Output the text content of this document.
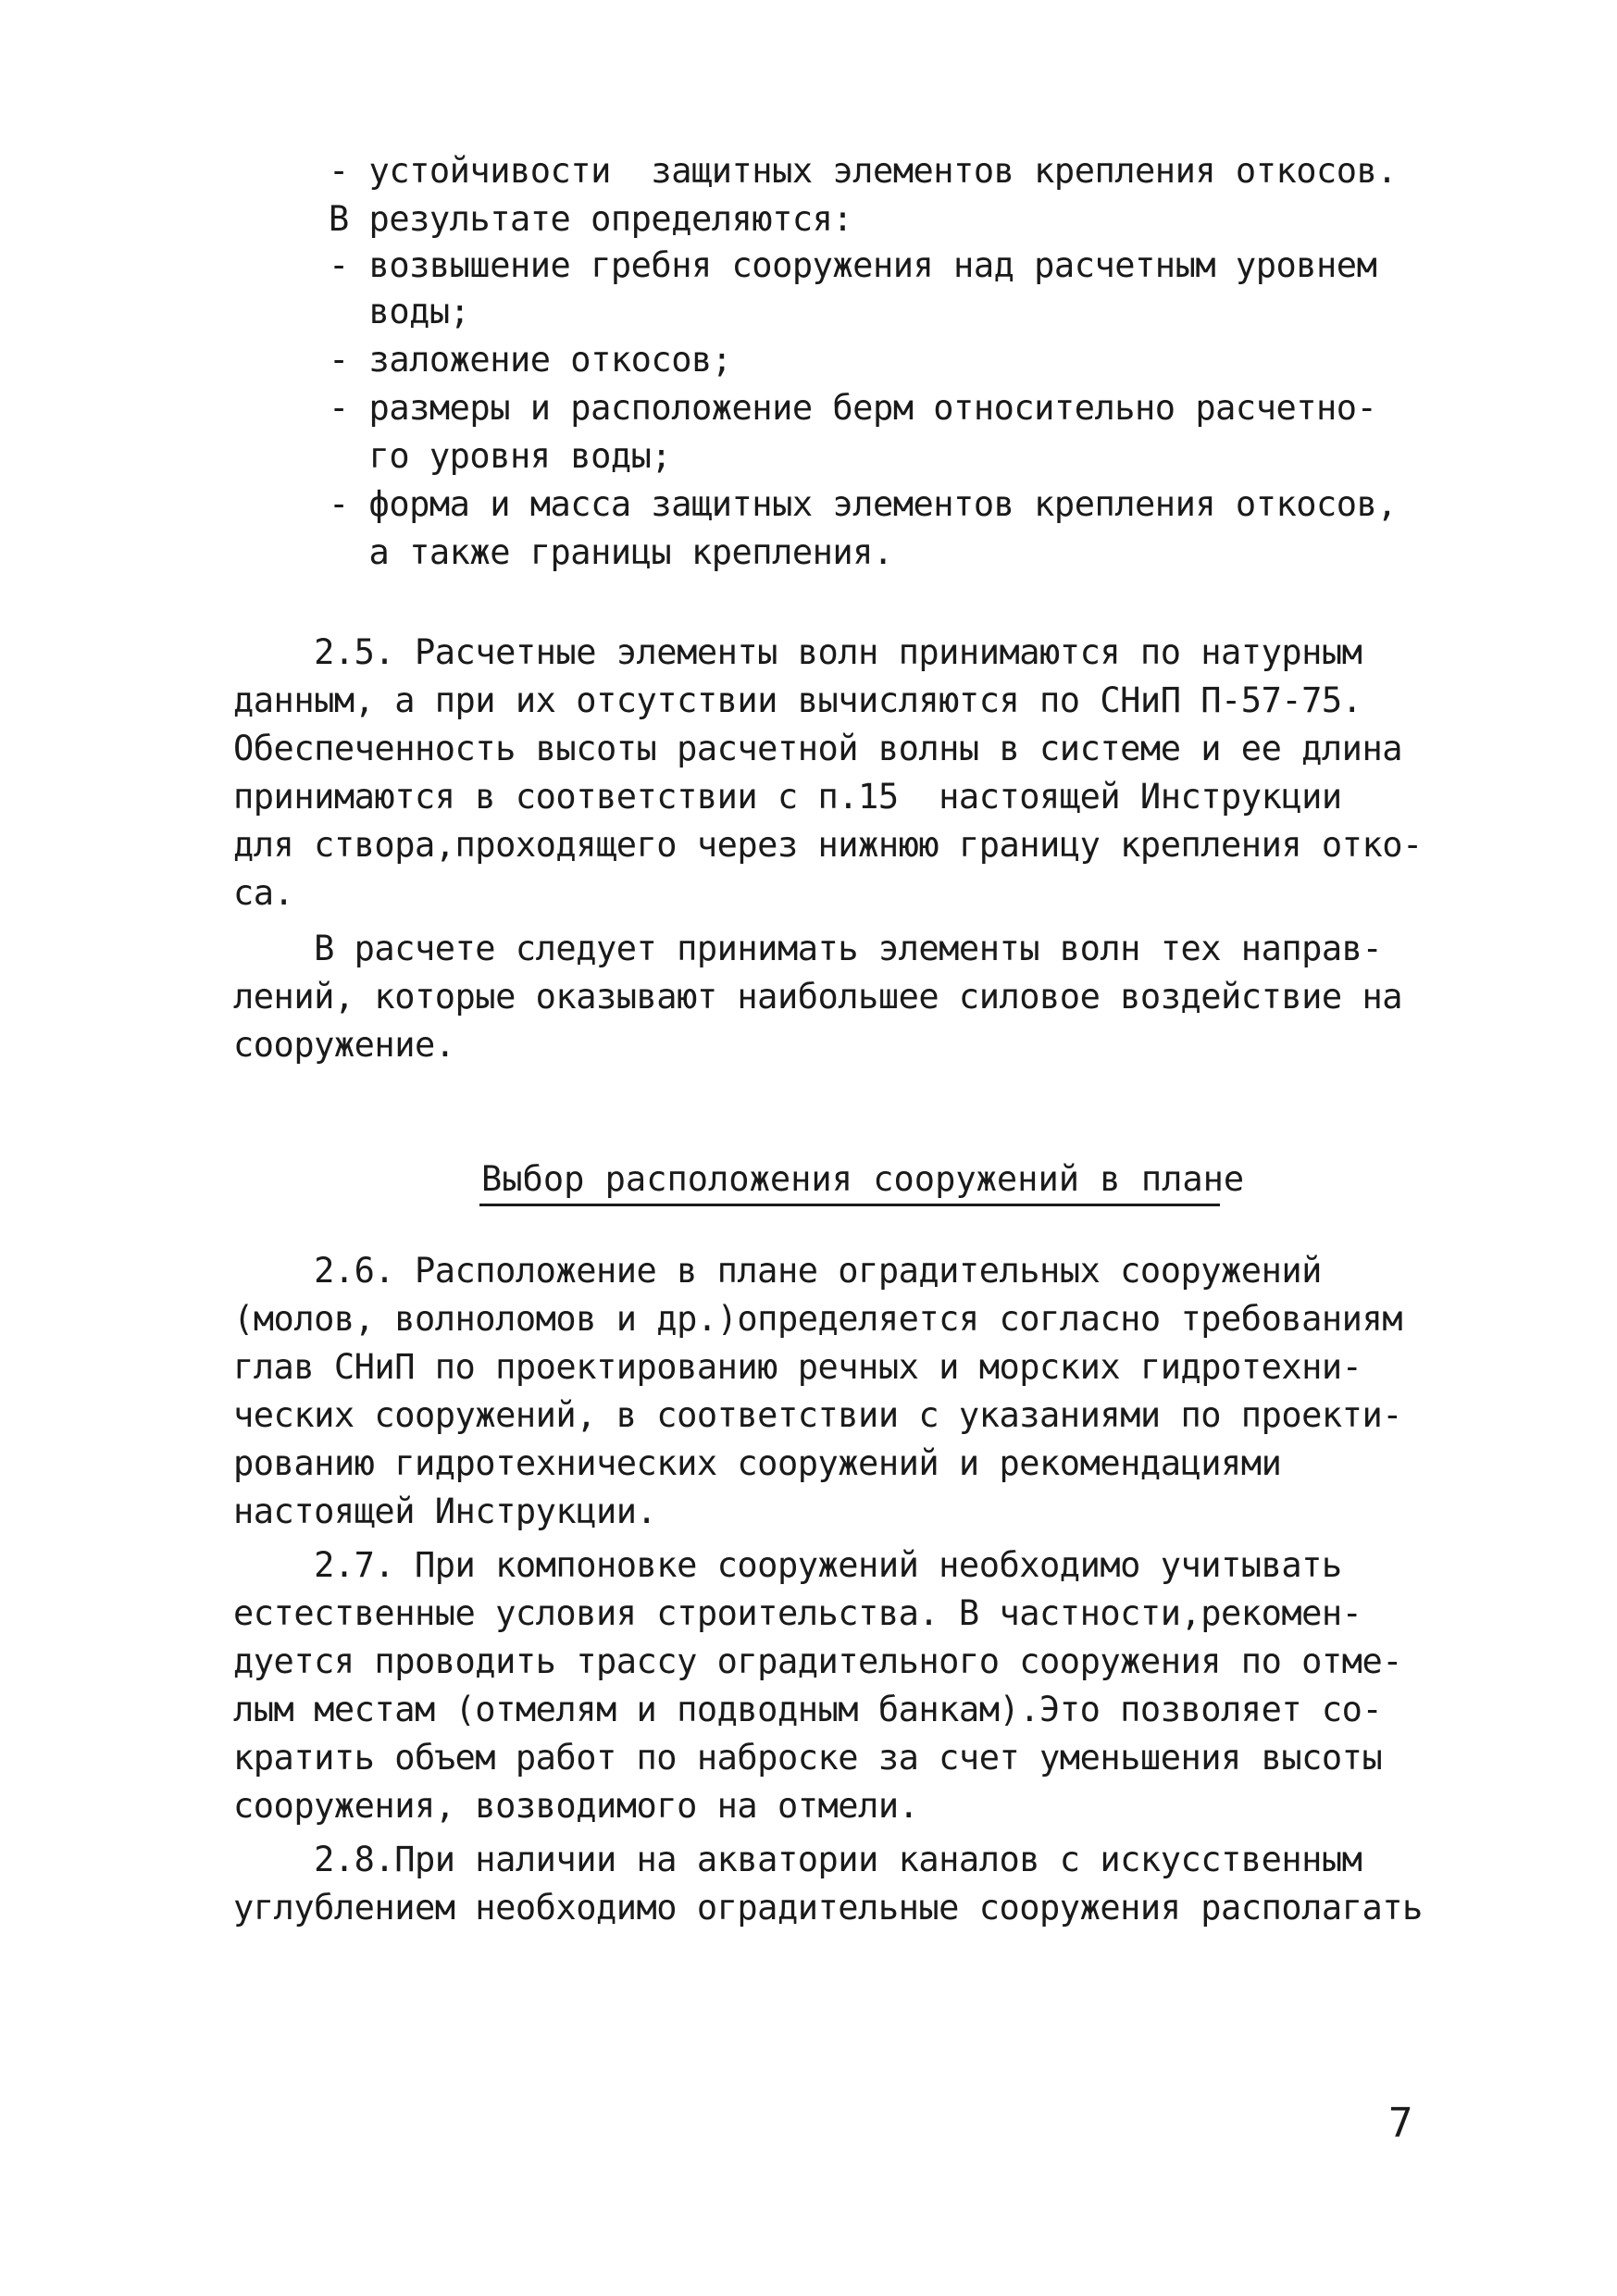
- устойчивости  защитных элементов крепления откосов.
В результате определяются:
- возвышение гребня сооружения над расчетным уровнем
воды;
- заложение откосов;
- размеры и расположение берм относительно расчетно-
го уровня воды;
- форма и масса защитных элементов крепления откосов,
а также границы крепления.
2.5. Расчетные элементы волн принимаются по натурным
данным, а при их отсутствии вычисляются по СНиП П-57-75.
Обеспеченность высоты расчетной волны в системе и ее длина
принимаются в соответствии с п.15  настоящей Инструкции
для створа,проходящего через нижнюю границу крепления отко-
са.
В расчете следует принимать элементы волн тех направ-
лений, которые оказывают наибольшее силовое воздействие на
сооружение.
Выбор расположения сооружений в плане
2.6. Расположение в плане оградительных сооружений
(молов, волноломов и др.)определяется согласно требованиям
глав СНиП по проектированию речных и морских гидротехни-
ческих сооружений, в соответствии с указаниями по проекти-
рованию гидротехнических сооружений и рекомендациями
настоящей Инструкции.
2.7. При компоновке сооружений необходимо учитывать
естественные условия строительства. В частности,рекомен-
дуется проводить трассу оградительного сооружения по отме-
лым местам (отмелям и подводным банкам).Это позволяет со-
кратить объем работ по наброске за счет уменьшения высоты
сооружения, возводимого на отмели.
2.8.При наличии на акватории каналов с искусственным
углублением необходимо оградительные сооружения располагать
7
